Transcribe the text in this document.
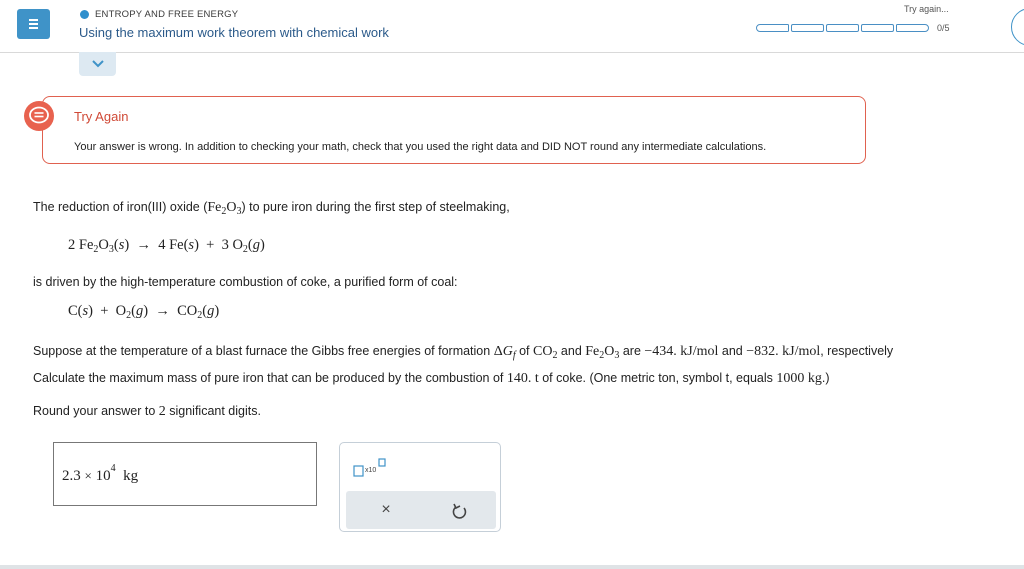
ENTROPY AND FREE ENERGY
Using the maximum work theorem with chemical work
Try again...
0/5
Try Again
Your answer is wrong. In addition to checking your math, check that you used the right data and DID NOT round any intermediate calculations.
The reduction of iron(III) oxide $(Fe_2O_3)$ to pure iron during the first step of steelmaking,
2 $Fe_2O_3(s) \to 4$ Fe(s)  +  3 $O_2(g)$
is driven by the high-temperature combustion of coke, a purified form of coal:
$C(s) + O_2(g) \to CO_2(g)$
Suppose at the temperature of a blast furnace the Gibbs free energies of formation $\Delta G_f$ of $CO_2$ and $Fe_2O_3$ are −434. kJ/mol and −832. kJ/mol, respectively
Calculate the maximum mass of pure iron that can be produced by the combustion of 140. t of coke. (One metric ton, symbol t, equals 1000 kg.)
Round your answer to 2 significant digits.
$2.3 \times 10^4$ kg	x10
×
